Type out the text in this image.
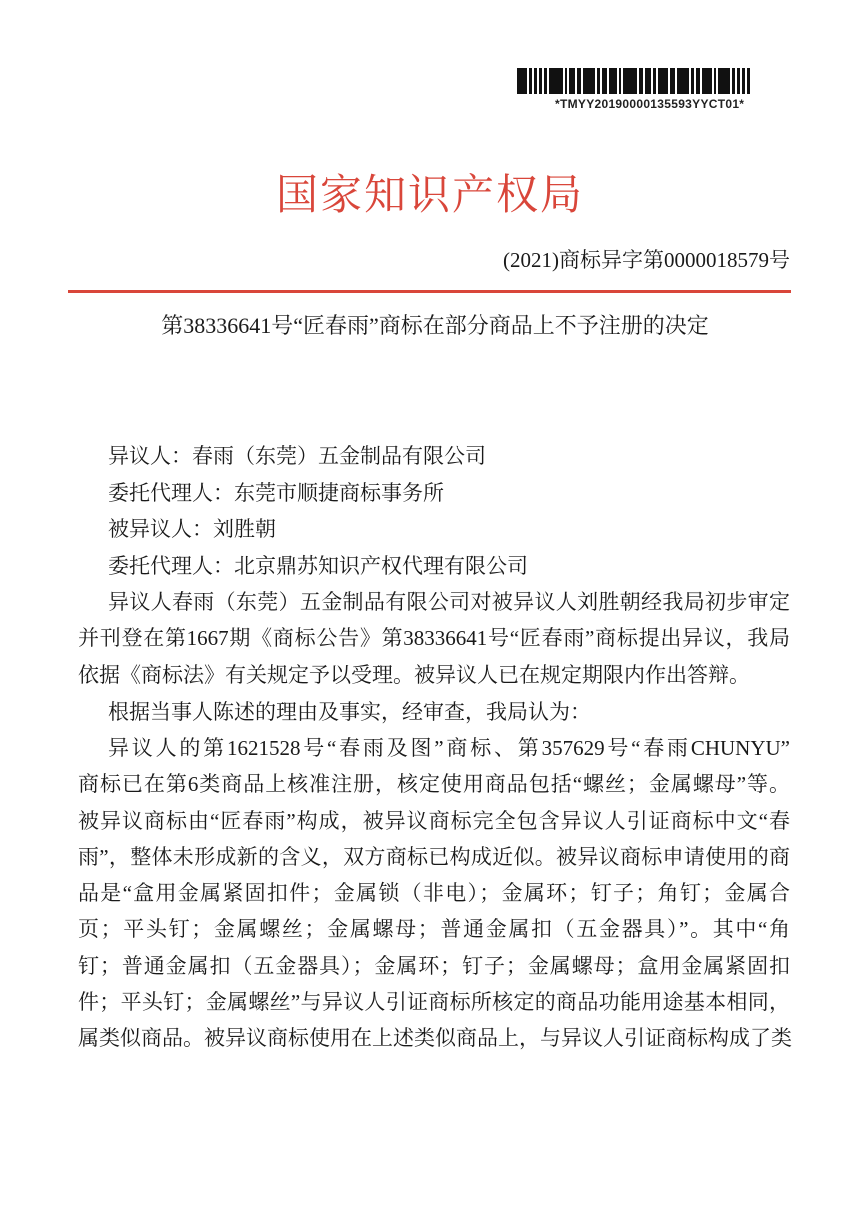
*TMYY20190000135593YYCT01*
国家知识产权局
(2021)商标异字第0000018579号
第38336641号“匠春雨”商标在部分商品上不予注册的决定
异议人：春雨（东莞）五金制品有限公司
委托代理人：东莞市顺捷商标事务所
被异议人：刘胜朝
委托代理人：北京鼎苏知识产权代理有限公司
异议人春雨（东莞）五金制品有限公司对被异议人刘胜朝经我局初步审定
并刊登在第1667期《商标公告》第38336641号“匠春雨”商标提出异议，我局
依据《商标法》有关规定予以受理。被异议人已在规定期限内作出答辩。
根据当事人陈述的理由及事实，经审查，我局认为：
异议人的第1621528号“春雨及图”商标、第357629号“春雨CHUNYU”
商标已在第6类商品上核准注册，核定使用商品包括“螺丝；金属螺母”等。
被异议商标由“匠春雨”构成，被异议商标完全包含异议人引证商标中文“春
雨”，整体未形成新的含义，双方商标已构成近似。被异议商标申请使用的商
品是“盒用金属紧固扣件；金属锁（非电）；金属环；钉子；角钉；金属合
页；平头钉；金属螺丝；金属螺母；普通金属扣（五金器具）”。其中“角
钉；普通金属扣（五金器具）；金属环；钉子；金属螺母；盒用金属紧固扣
件；平头钉；金属螺丝”与异议人引证商标所核定的商品功能用途基本相同，
属类似商品。被异议商标使用在上述类似商品上，与异议人引证商标构成了类
